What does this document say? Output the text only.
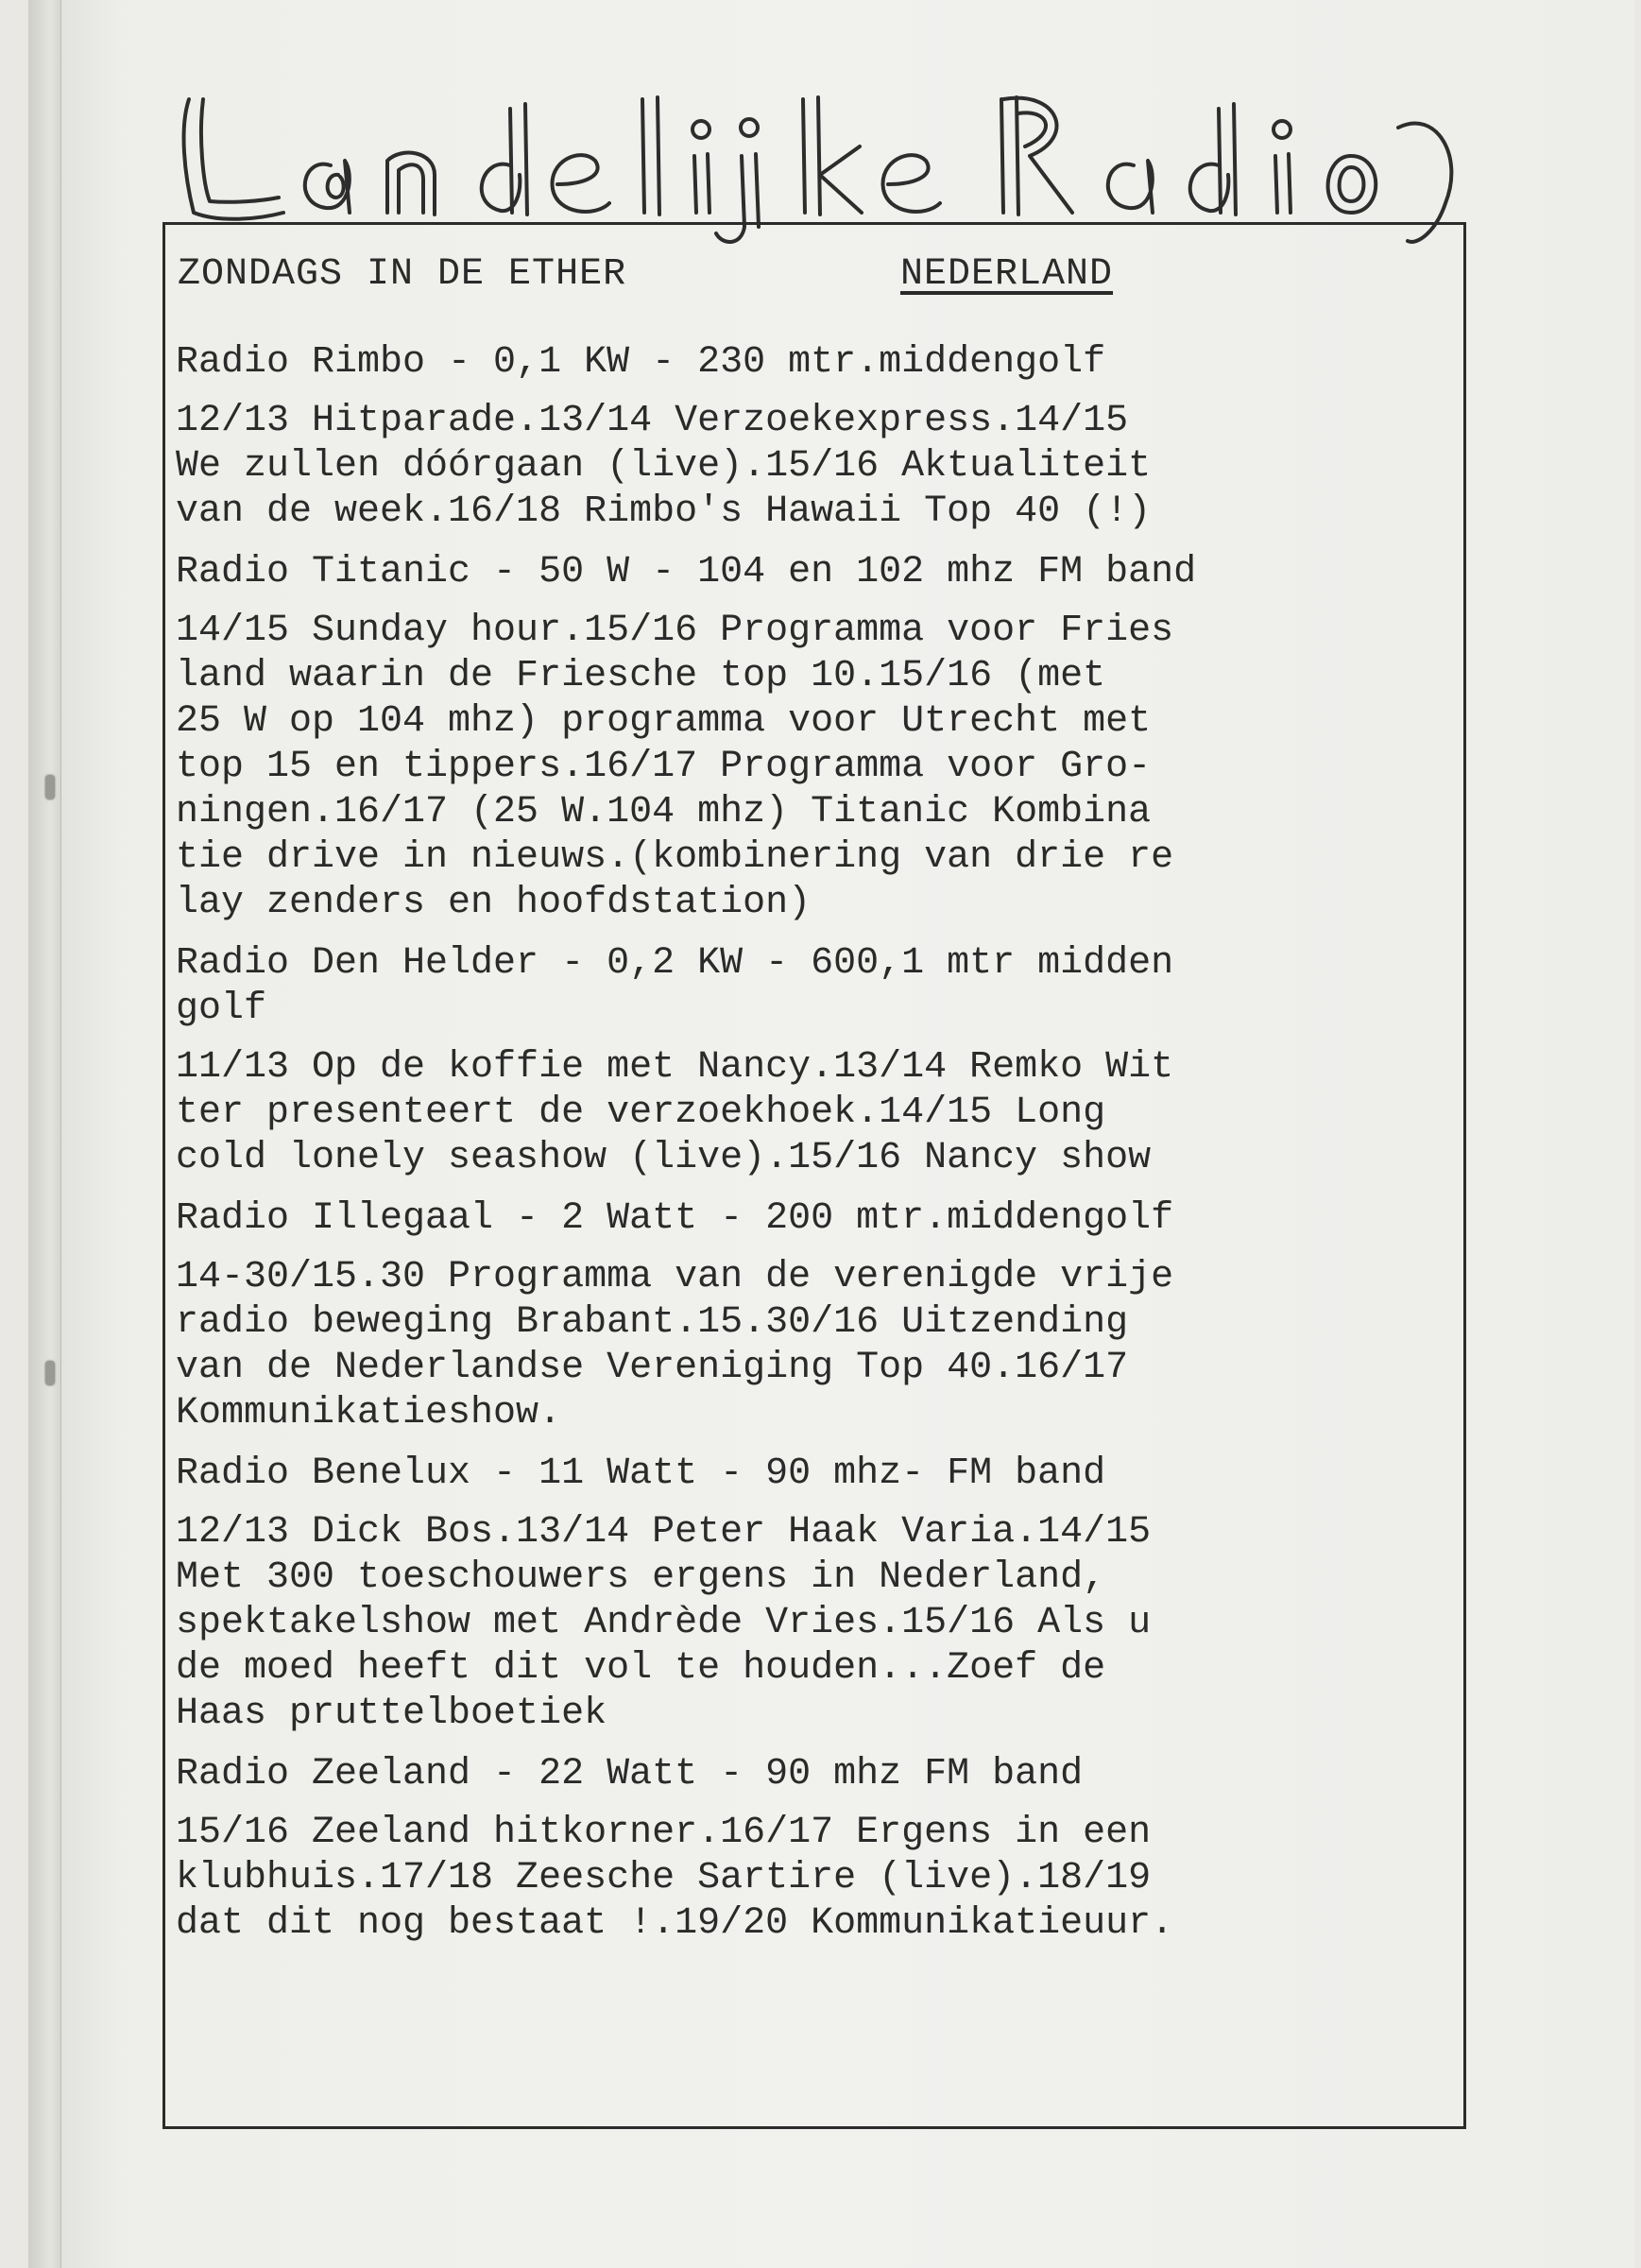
ZONDAGS IN DE ETHER	NEDERLAND

Radio Rimbo - 0,1 KW - 230 mtr.middengolf

12/13 Hitparade.13/14 Verzoekexpress.14/15
We zullen dóórgaan (live).15/16 Aktualiteit
van de week.16/18 Rimbo's Hawaii Top 40 (!)

Radio Titanic - 50 W - 104 en 102 mhz FM band

14/15 Sunday hour.15/16 Programma voor Fries
land waarin de Friesche top 10.15/16 (met
25 W op 104 mhz) programma voor Utrecht met
top 15 en tippers.16/17 Programma voor Gro-
ningen.16/17 (25 W.104 mhz) Titanic Kombina
tie drive in nieuws.(kombinering van drie re
lay zenders en hoofdstation)

Radio Den Helder - 0,2 KW - 600,1 mtr midden
golf

11/13 Op de koffie met Nancy.13/14 Remko Wit
ter presenteert de verzoekhoek.14/15 Long
cold lonely seashow (live).15/16 Nancy show

Radio Illegaal - 2 Watt - 200 mtr.middengolf

14-30/15.30 Programma van de verenigde vrije
radio beweging Brabant.15.30/16 Uitzending
van de Nederlandse Vereniging Top 40.16/17
Kommunikatieshow.

Radio Benelux - 11 Watt - 90 mhz- FM band

12/13 Dick Bos.13/14 Peter Haak Varia.14/15
Met 300 toeschouwers ergens in Nederland,
spektakelshow met Andrède Vries.15/16 Als u
de moed heeft dit vol te houden...Zoef de
Haas pruttelboetiek

Radio Zeeland - 22 Watt - 90 mhz FM band

15/16 Zeeland hitkorner.16/17 Ergens in een
klubhuis.17/18 Zeesche Sartire (live).18/19
dat dit nog bestaat !.19/20 Kommunikatieuur.
